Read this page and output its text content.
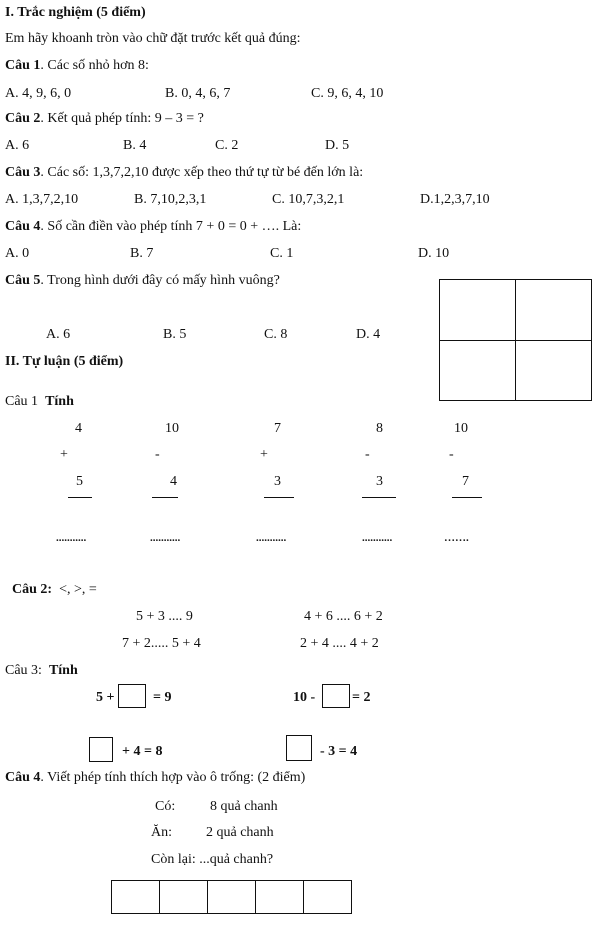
I. Trắc nghiệm (5 điểm)
Em hãy khoanh tròn vào chữ đặt trước kết quả đúng:
Câu 1. Các số nhỏ hơn 8:
A. 4, 9, 6, 0	B. 0, 4, 6, 7	C. 9, 6, 4, 10
Câu 2. Kết quả phép tính: 9 – 3 = ?
A. 6	B. 4	C. 2	D. 5
Câu 3. Các số: 1,3,7,2,10 được xếp theo thứ tự từ bé đến lớn là:
A. 1,3,7,2,10	B. 7,10,2,3,1	C. 10,7,3,2,1	D.1,2,3,7,10
Câu 4. Số cần điền vào phép tính 7 + 0 = 0 + …. Là:
A. 0	B. 7	C. 1	D. 10
Câu 5. Trong hình dưới đây có mấy hình vuông?
A. 6	B. 5	C. 8	D. 4
II. Tự luận (5 điểm)
Câu 1 Tính
4
+
5
...........
10
-
4
...........
7
+
3
...........
8
-
3
...........
10
-
7
…….
Câu 2: <, >, =
5 + 3 .... 9	4 + 6 .... 6 + 2
7 + 2..... 5 + 4	2 + 4 .... 4 + 2
Câu 3: Tính
5 +	= 9	10 -	= 2
+ 4 = 8	- 3 = 4
Câu 4. Viết phép tính thích hợp vào ô trống: (2 điểm)
Có: 8 quả chanh
Ăn: 2 quả chanh
Còn lại: ...quả chanh?
